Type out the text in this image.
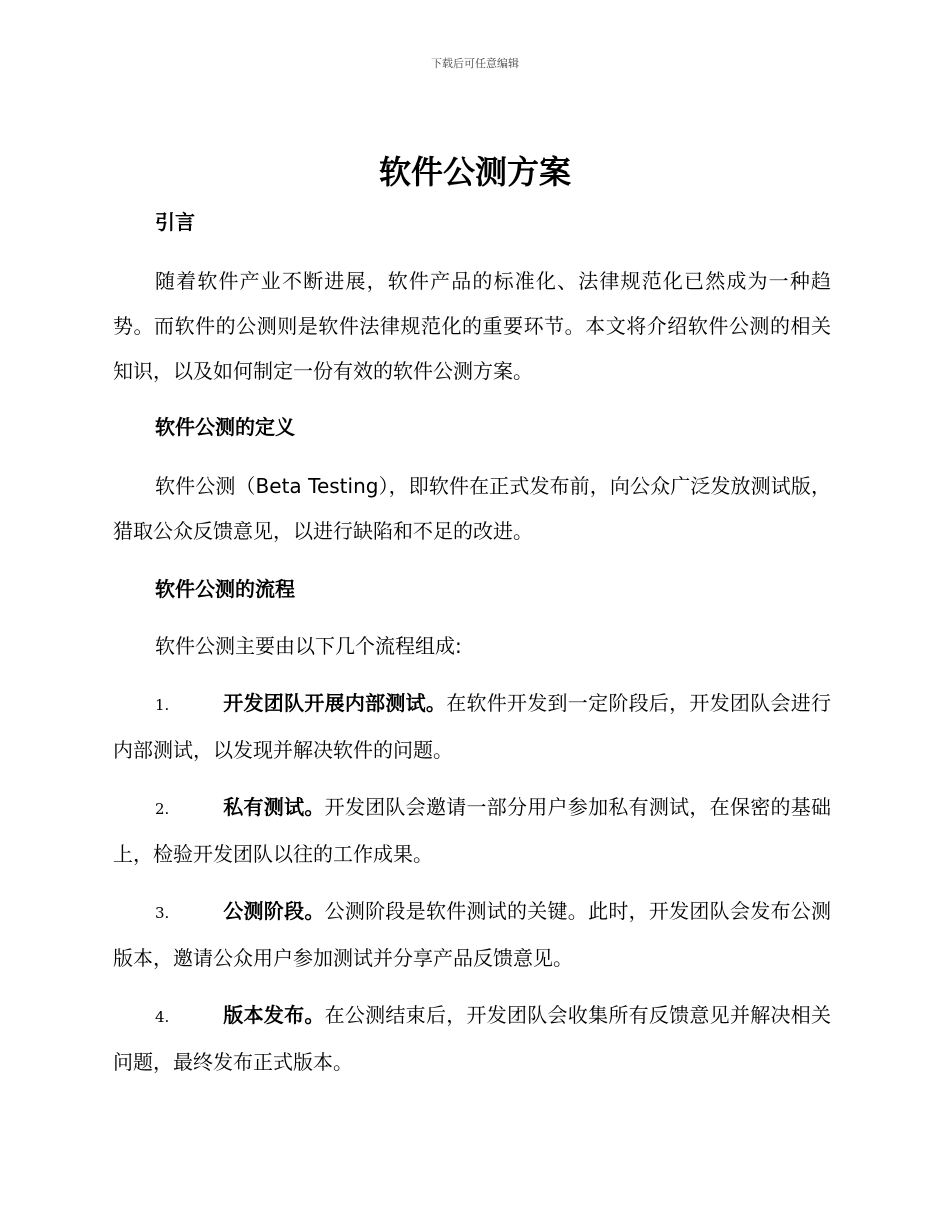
下载后可任意编辑
软件公测方案
引言

随着软件产业不断进展，软件产品的标准化、法律规范化已然成为一种趋势。而软件的公测则是软件法律规范化的重要环节。本文将介绍软件公测的相关知识，以及如何制定一份有效的软件公测方案。

软件公测的定义

软件公测（Beta Testing），即软件在正式发布前，向公众广泛发放测试版，猎取公众反馈意见，以进行缺陷和不足的改进。

软件公测的流程

软件公测主要由以下几个流程组成:

1.	开发团队开展内部测试。在软件开发到一定阶段后，开发团队会进行内部测试，以发现并解决软件的问题。

2.	私有测试。开发团队会邀请一部分用户参加私有测试，在保密的基础上，检验开发团队以往的工作成果。

3.	公测阶段。公测阶段是软件测试的关键。此时，开发团队会发布公测版本，邀请公众用户参加测试并分享产品反馈意见。

4.	版本发布。在公测结束后，开发团队会收集所有反馈意见并解决相关问题，最终发布正式版本。
